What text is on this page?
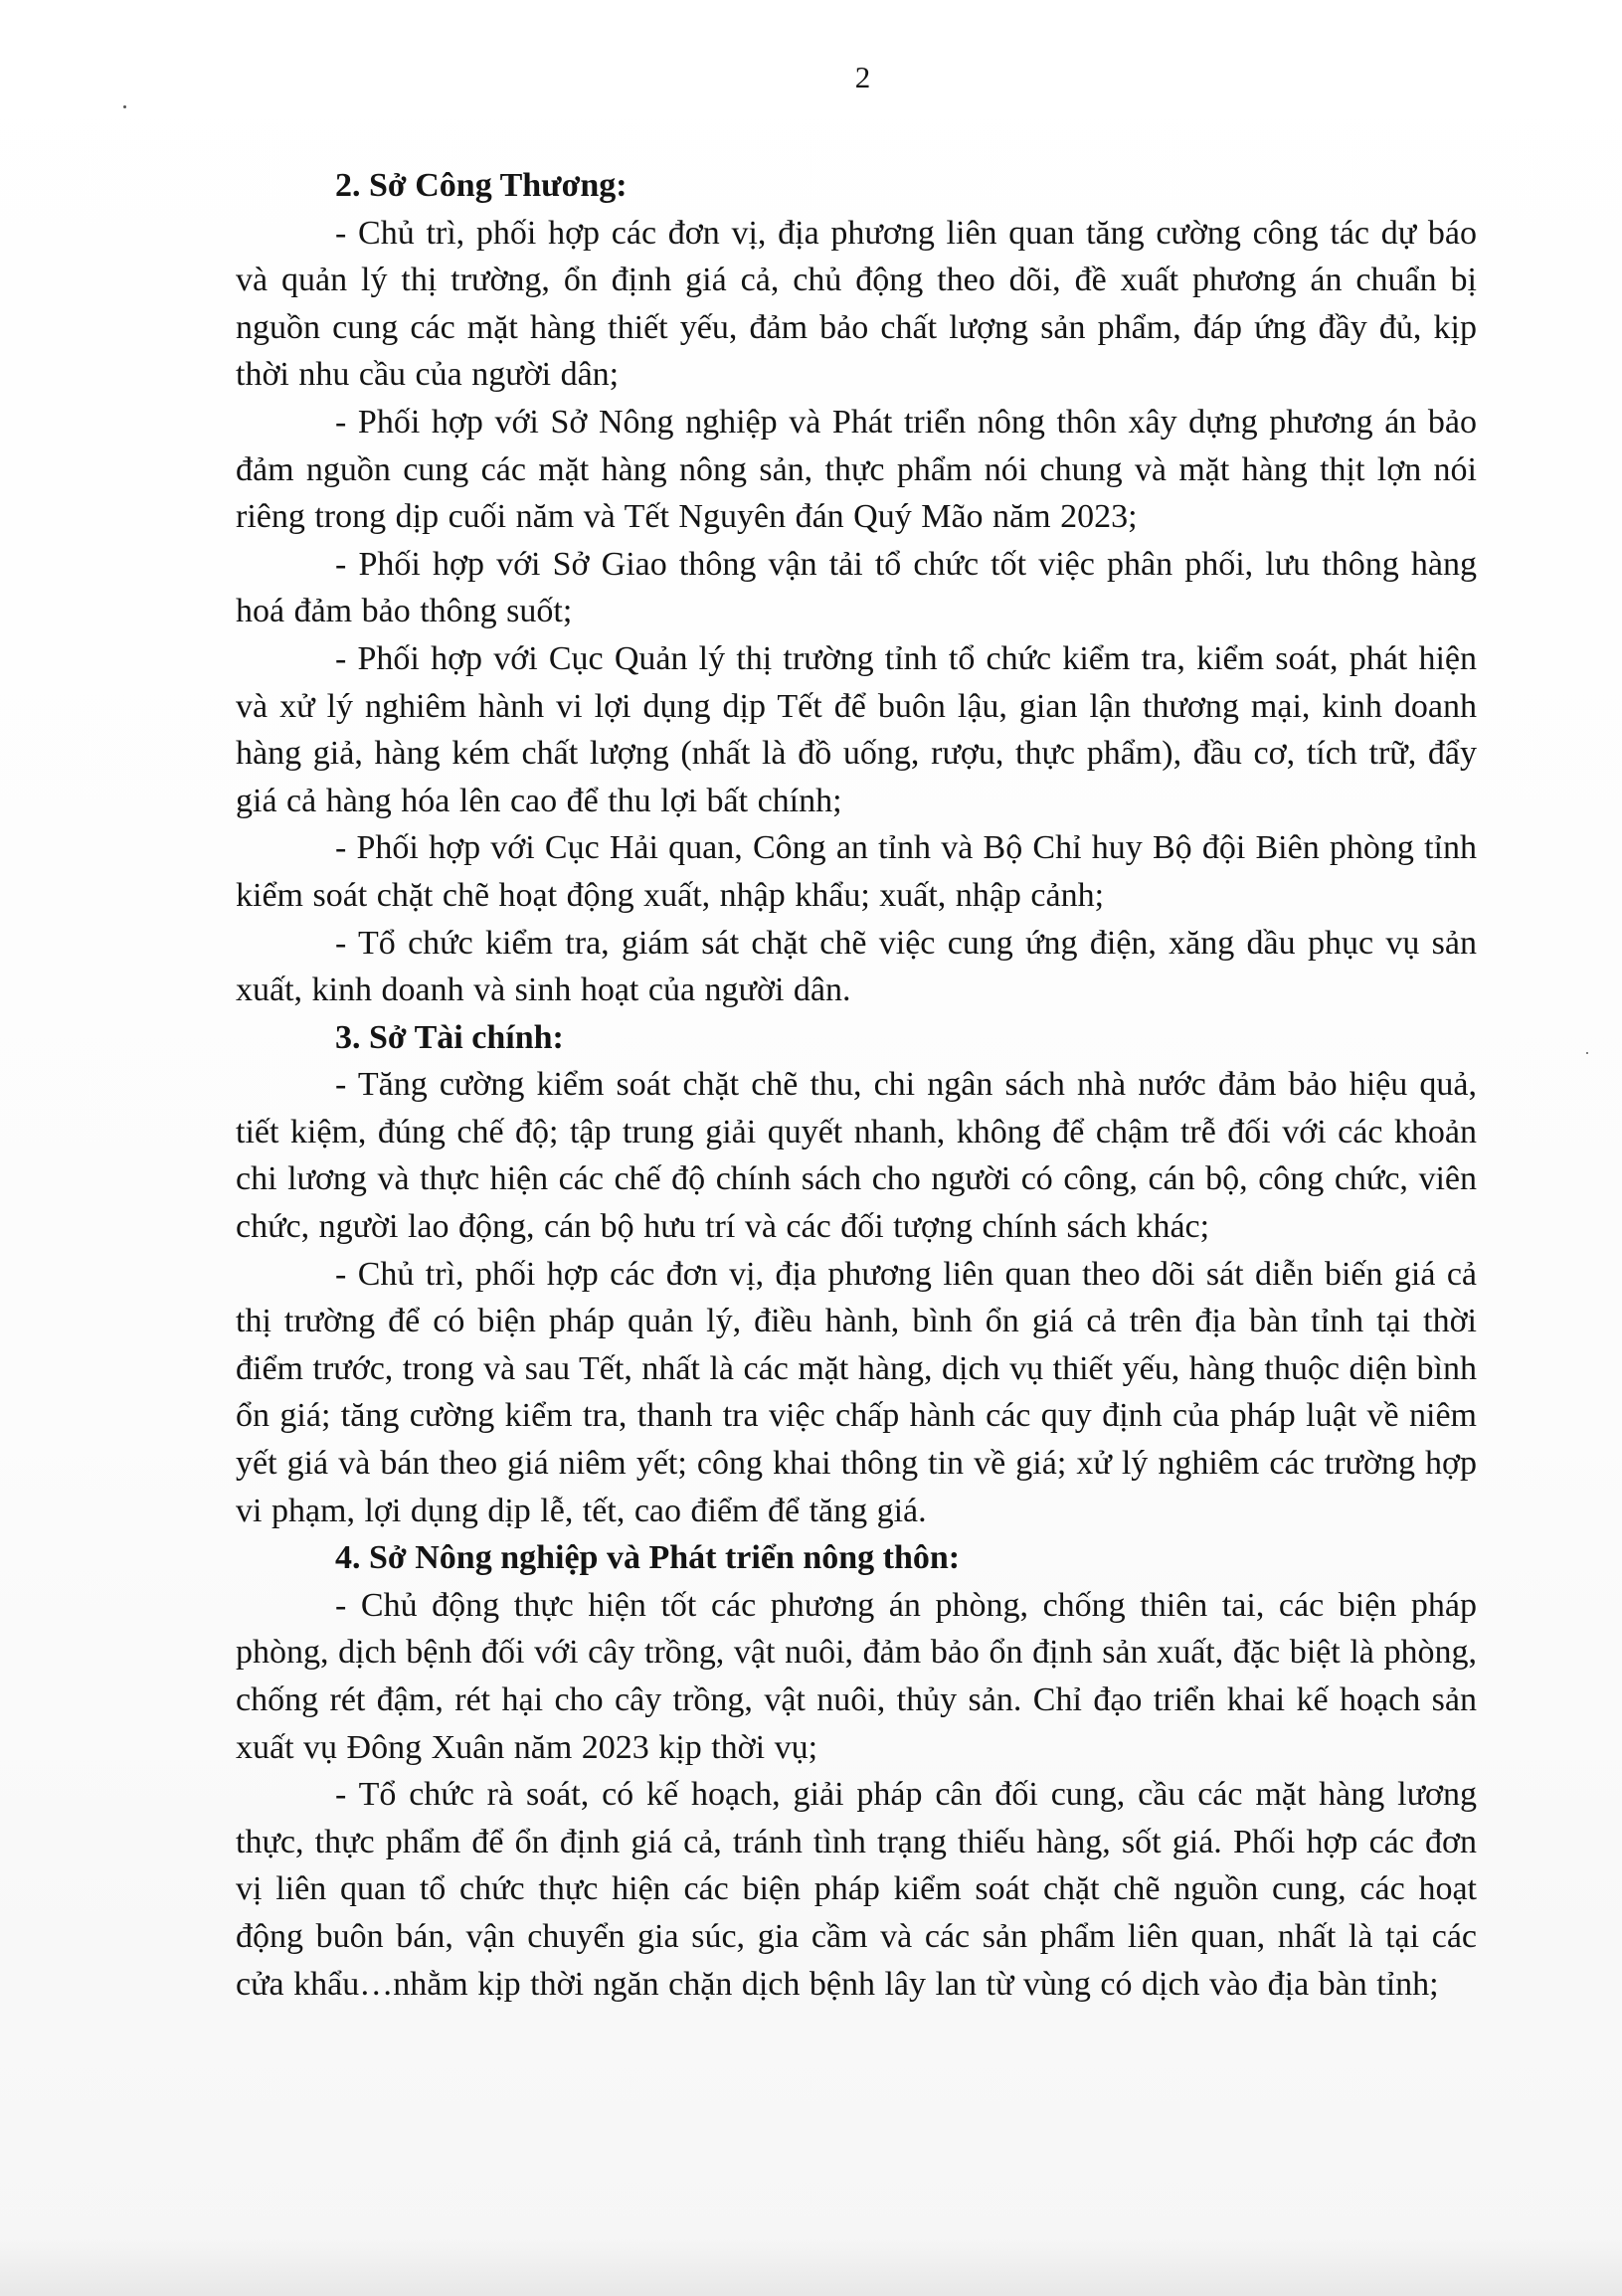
2

2. Sở Công Thương:

- Chủ trì, phối hợp các đơn vị, địa phương liên quan tăng cường công tác dự báo và quản lý thị trường, ổn định giá cả, chủ động theo dõi, đề xuất phương án chuẩn bị nguồn cung các mặt hàng thiết yếu, đảm bảo chất lượng sản phẩm, đáp ứng đầy đủ, kịp thời nhu cầu của người dân;

- Phối hợp với Sở Nông nghiệp và Phát triển nông thôn xây dựng phương án bảo đảm nguồn cung các mặt hàng nông sản, thực phẩm nói chung và mặt hàng thịt lợn nói riêng trong dịp cuối năm và Tết Nguyên đán Quý Mão năm 2023;

- Phối hợp với Sở Giao thông vận tải tổ chức tốt việc phân phối, lưu thông hàng hoá đảm bảo thông suốt;

- Phối hợp với Cục Quản lý thị trường tỉnh tổ chức kiểm tra, kiểm soát, phát hiện và xử lý nghiêm hành vi lợi dụng dịp Tết để buôn lậu, gian lận thương mại, kinh doanh hàng giả, hàng kém chất lượng (nhất là đồ uống, rượu, thực phẩm), đầu cơ, tích trữ, đẩy giá cả hàng hóa lên cao để thu lợi bất chính;

- Phối hợp với Cục Hải quan, Công an tỉnh và Bộ Chỉ huy Bộ đội Biên phòng tỉnh kiểm soát chặt chẽ hoạt động xuất, nhập khẩu; xuất, nhập cảnh;

- Tổ chức kiểm tra, giám sát chặt chẽ việc cung ứng điện, xăng dầu phục vụ sản xuất, kinh doanh và sinh hoạt của người dân.

3. Sở Tài chính:

- Tăng cường kiểm soát chặt chẽ thu, chi ngân sách nhà nước đảm bảo hiệu quả, tiết kiệm, đúng chế độ; tập trung giải quyết nhanh, không để chậm trễ đối với các khoản chi lương và thực hiện các chế độ chính sách cho người có công, cán bộ, công chức, viên chức, người lao động, cán bộ hưu trí và các đối tượng chính sách khác;

- Chủ trì, phối hợp các đơn vị, địa phương liên quan theo dõi sát diễn biến giá cả thị trường để có biện pháp quản lý, điều hành, bình ổn giá cả trên địa bàn tỉnh tại thời điểm trước, trong và sau Tết, nhất là các mặt hàng, dịch vụ thiết yếu, hàng thuộc diện bình ổn giá; tăng cường kiểm tra, thanh tra việc chấp hành các quy định của pháp luật về niêm yết giá và bán theo giá niêm yết; công khai thông tin về giá; xử lý nghiêm các trường hợp vi phạm, lợi dụng dịp lễ, tết, cao điểm để tăng giá.

4. Sở Nông nghiệp và Phát triển nông thôn:

- Chủ động thực hiện tốt các phương án phòng, chống thiên tai, các biện pháp phòng, dịch bệnh đối với cây trồng, vật nuôi, đảm bảo ổn định sản xuất, đặc biệt là phòng, chống rét đậm, rét hại cho cây trồng, vật nuôi, thủy sản. Chỉ đạo triển khai kế hoạch sản xuất vụ Đông Xuân năm 2023 kịp thời vụ;

- Tổ chức rà soát, có kế hoạch, giải pháp cân đối cung, cầu các mặt hàng lương thực, thực phẩm để ổn định giá cả, tránh tình trạng thiếu hàng, sốt giá. Phối hợp các đơn vị liên quan tổ chức thực hiện các biện pháp kiểm soát chặt chẽ nguồn cung, các hoạt động buôn bán, vận chuyển gia súc, gia cầm và các sản phẩm liên quan, nhất là tại các cửa khẩu…nhằm kịp thời ngăn chặn dịch bệnh lây lan từ vùng có dịch vào địa bàn tỉnh;
